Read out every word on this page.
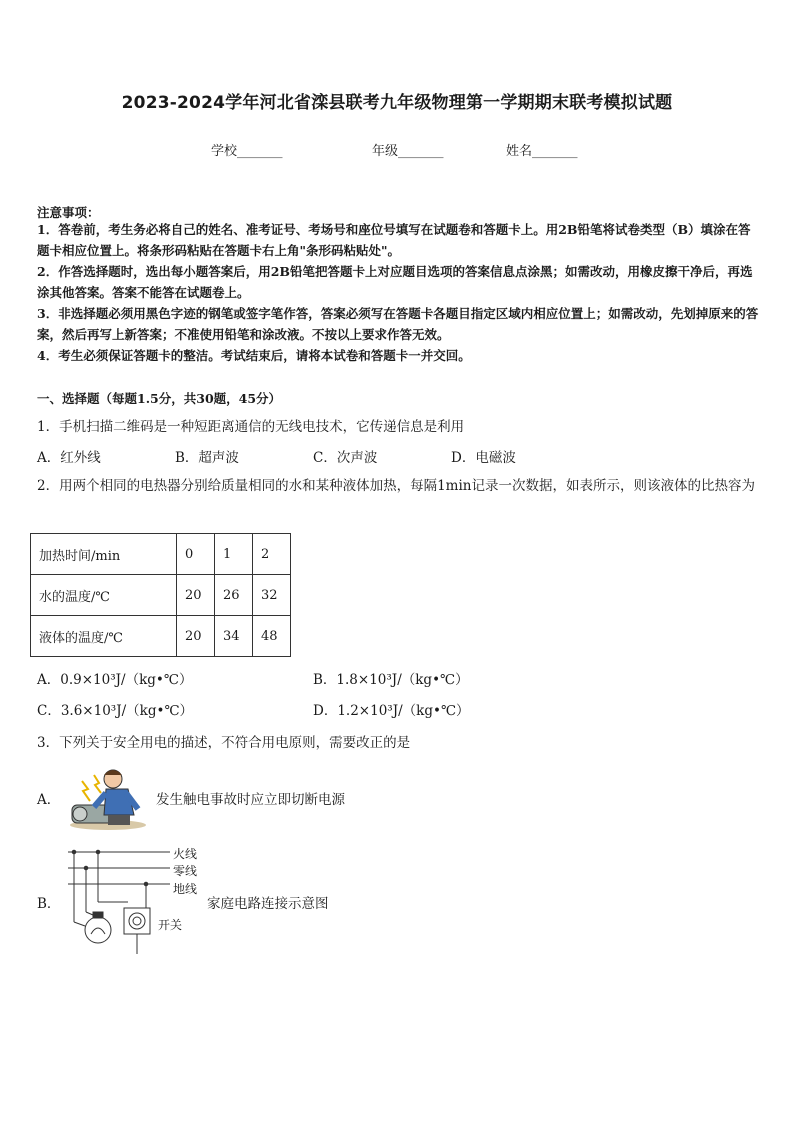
2023-2024学年河北省滦县联考九年级物理第一学期期末联考模拟试题
学校_______	年级_______	姓名_______
注意事项：
1．答卷前，考生务必将自己的姓名、准考证号、考场号和座位号填写在试题卷和答题卡上。用2B铅笔将试卷类型（B）填涂在答题卡相应位置上。将条形码粘贴在答题卡右上角"条形码粘贴处"。
2．作答选择题时，选出每小题答案后，用2B铅笔把答题卡上对应题目选项的答案信息点涂黑；如需改动，用橡皮擦干净后，再选涂其他答案。答案不能答在试题卷上。
3．非选择题必须用黑色字迹的钢笔或签字笔作答，答案必须写在答题卡各题目指定区域内相应位置上；如需改动，先划掉原来的答案，然后再写上新答案；不准使用铅笔和涂改液。不按以上要求作答无效。
4．考生必须保证答题卡的整洁。考试结束后，请将本试卷和答题卡一并交回。
一、选择题（每题1.5分，共30题，45分）
1．手机扫描二维码是一种短距离通信的无线电技术，它传递信息是利用
A．红外线	B．超声波	C．次声波	D．电磁波
2．用两个相同的电热器分别给质量相同的水和某种液体加热，每隔1min记录一次数据，如表所示，则该液体的比热容为
加热时间/min	0	1	2
水的温度/℃	20	26	32
液体的温度/℃	20	34	48
A．0.9×10³J/（kg•℃）	B．1.8×10³J/（kg•℃）
C．3.6×10³J/（kg•℃）	D．1.2×10³J/（kg•℃）
3．下列关于安全用电的描述，不符合用电原则，需要改正的是
A．	发生触电事故时应立即切断电源
B．
火线
零线
地线
开关
家庭电路连接示意图
